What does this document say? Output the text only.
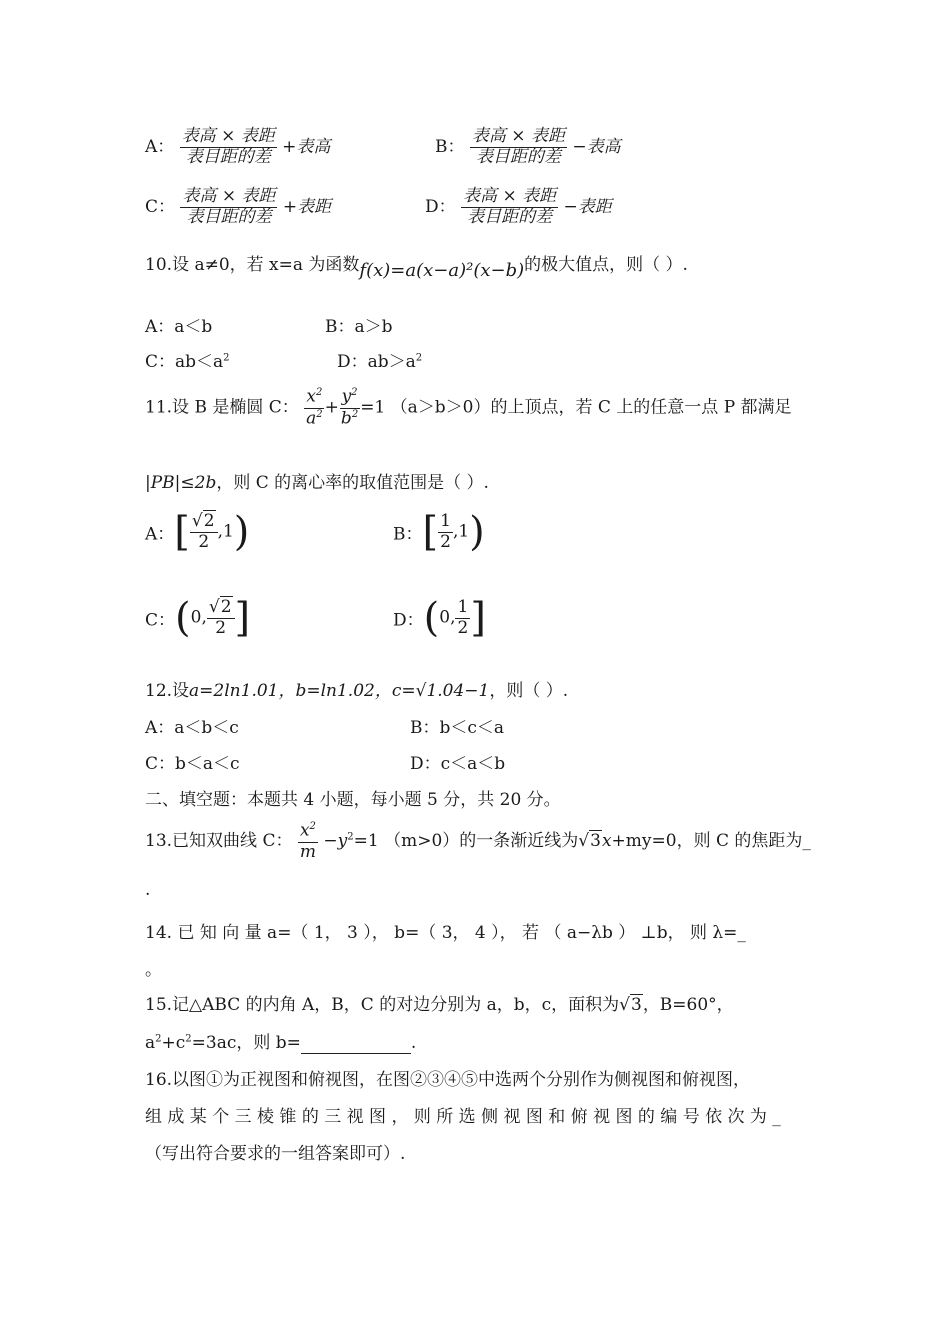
A： $\frac{\text{表高 × 表距}}{\text{表目距的差}}$ +表高	B： $\frac{\text{表高 × 表距}}{\text{表目距的差}}$ −表高
C： $\frac{\text{表高 × 表距}}{\text{表目距的差}}$ +表距	D： $\frac{\text{表高 × 表距}}{\text{表目距的差}}$ −表距
10.设 a≠0，若 x=a 为函数f(x)=a(x−a)²(x−b)的极大值点，则（ ）.
A：a＜b	B：a＞b
C：$ab<a^2$	D：$ab>a^2$
11.设 B 是椭圆 C： $\frac{x^2}{a^2} + \frac{y^2}{b^2} =1$ （a＞b＞0）的上顶点，若 C 上的任意一点 P 都满足
|PB|≤2b，则 C 的离心率的取值范围是（ ）.
A：[ $\frac{√2}{2} ,1$)	B：[ $\frac{1}{2} ,1$)
C：(0, $\frac{√2}{2}$ ]	D：(0, $\frac{1}{2}$ ]
12.设a=2ln1.01，b=ln1.02，c=√1.04−1，则（ ）.
A：a＜b＜c	B：b＜c＜a
C：b＜a＜c	D：c＜a＜b
二、填空题：本题共 4 小题，每小题 5 分，共 20 分。
13.已知双曲线 C： $\frac{x^2}{m} -y^2=1$ （m>0）的一条渐近线为√3x+my=0，则 C 的焦距为_
.
14. 已 知 向 量 a=（ 1， 3 ）， b=（ 3， 4 ）， 若 （ a−λb ） ⊥b， 则 λ=_
。
15.记△ABC 的内角 A，B，C 的对边分别为 a，b，c，面积为√3，B=60°，
$a^2+c^2=3ac$，则 b=	.
16.以图①为正视图和俯视图，在图②③④⑤中选两个分别作为侧视图和俯视图，
组 成 某 个 三 棱 锥 的 三 视 图 ， 则 所 选 侧 视 图 和 俯 视 图 的 编 号 依 次 为 _
（写出符合要求的一组答案即可）.
